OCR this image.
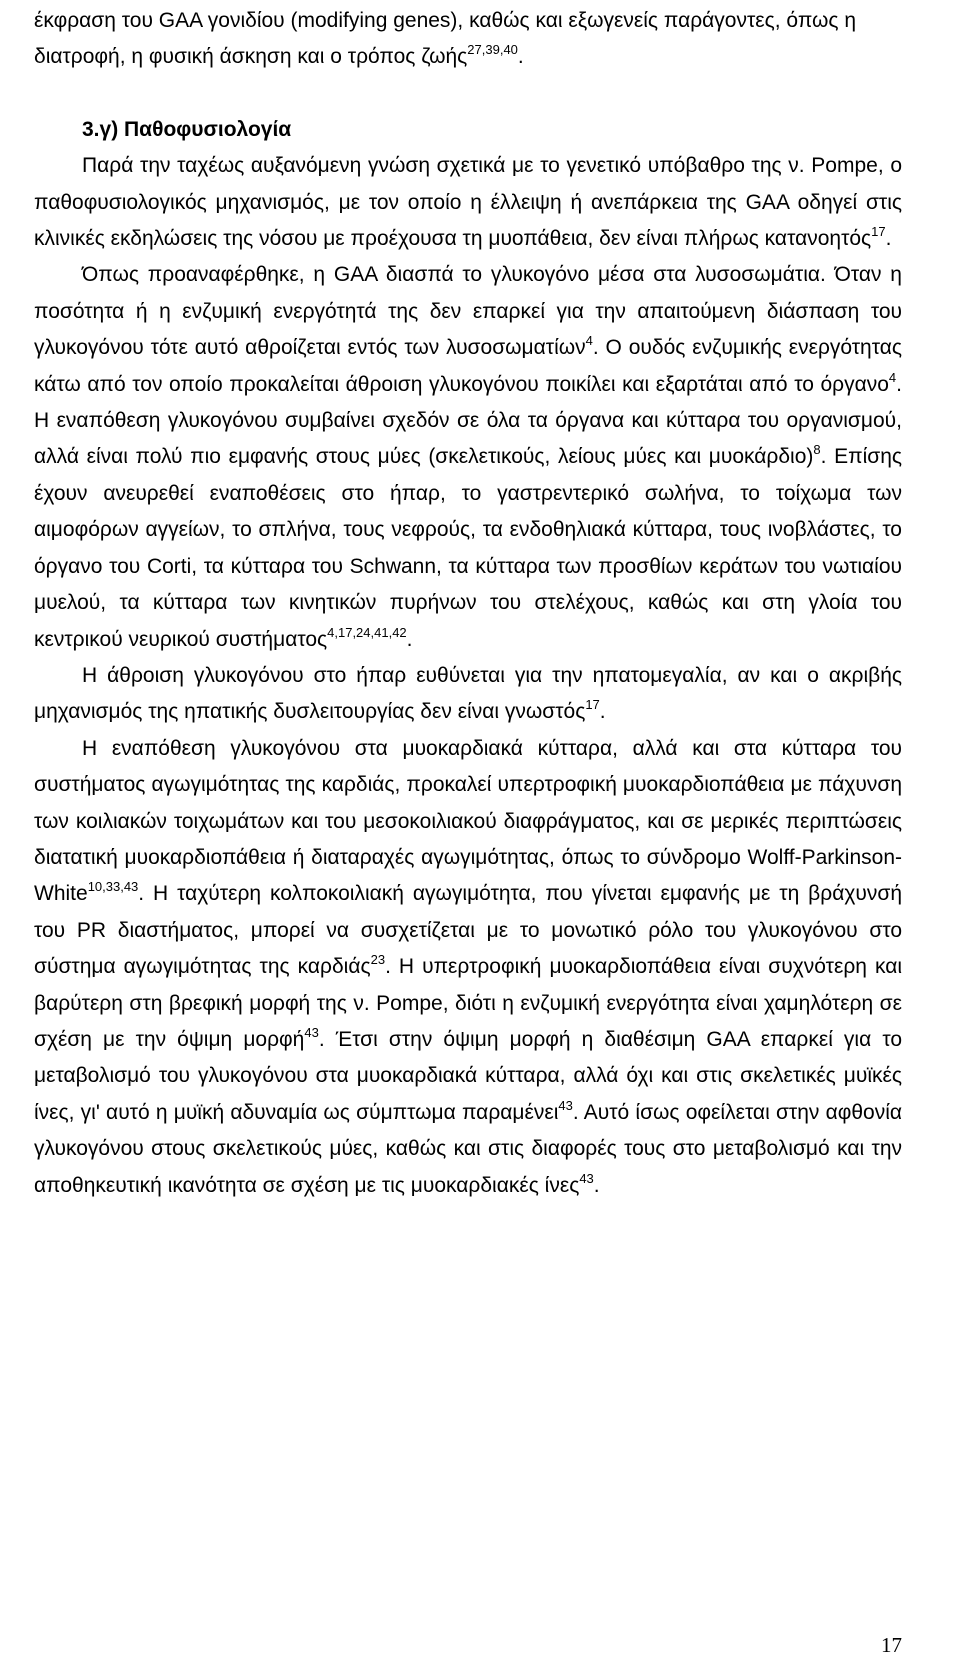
έκφραση του GAA γονιδίου (modifying genes), καθώς και εξωγενείς παράγοντες, όπως η διατροφή, η φυσική άσκηση και ο τρόπος ζωής$^{27,39,40}$.

3.γ) Παθοφυσιολογία

Παρά την ταχέως αυξανόμενη γνώση σχετικά με το γενετικό υπόβαθρο της ν. Pompe, ο παθοφυσιολογικός μηχανισμός, με τον οποίο η έλλειψη ή ανεπάρκεια της GAA οδηγεί στις κλινικές εκδηλώσεις της νόσου με προέχουσα τη μυοπάθεια, δεν είναι πλήρως κατανοητός$^{17}$.

Όπως προαναφέρθηκε, η GAA διασπά το γλυκογόνο μέσα στα λυσοσωμάτια. Όταν η ποσότητα ή η ενζυμική ενεργότητά της δεν επαρκεί για την απαιτούμενη διάσπαση του γλυκογόνου τότε αυτό αθροίζεται εντός των λυσοσωματίων$^4$. Ο ουδός ενζυμικής ενεργότητας κάτω από τον οποίο προκαλείται άθροιση γλυκογόνου ποικίλει και εξαρτάται από το όργανο$^4$. Η εναπόθεση γλυκογόνου συμβαίνει σχεδόν σε όλα τα όργανα και κύτταρα του οργανισμού, αλλά είναι πολύ πιο εμφανής στους μύες (σκελετικούς, λείους μύες και μυοκάρδιο)$^8$. Επίσης έχουν ανευρεθεί εναποθέσεις στο ήπαρ, το γαστρεντερικό σωλήνα, το τοίχωμα των αιμοφόρων αγγείων, το σπλήνα, τους νεφρούς, τα ενδοθηλιακά κύτταρα, τους ινοβλάστες, το όργανο του Corti, τα κύτταρα του Schwann, τα κύτταρα των προσθίων κεράτων του νωτιαίου μυελού, τα κύτταρα των κινητικών πυρήνων του στελέχους, καθώς και στη γλοία του κεντρικού νευρικού συστήματος$^{4,17,24,41,42}$.

Η άθροιση γλυκογόνου στο ήπαρ ευθύνεται για την ηπατομεγαλία, αν και ο ακριβής μηχανισμός της ηπατικής δυσλειτουργίας δεν είναι γνωστός$^{17}$.

Η εναπόθεση γλυκογόνου στα μυοκαρδιακά κύτταρα, αλλά και στα κύτταρα του συστήματος αγωγιμότητας της καρδιάς, προκαλεί υπερτροφική μυοκαρδιοπάθεια με πάχυνση των κοιλιακών τοιχωμάτων και του μεσοκοιλιακού διαφράγματος, και σε μερικές περιπτώσεις διατατική μυοκαρδιοπάθεια ή διαταραχές αγωγιμότητας, όπως το σύνδρομο Wolff-Parkinson-White$^{10,33,43}$. Η ταχύτερη κολποκοιλιακή αγωγιμότητα, που γίνεται εμφανής με τη βράχυνσή του PR διαστήματος, μπορεί να συσχετίζεται με το μονωτικό ρόλο του γλυκογόνου στο σύστημα αγωγιμότητας της καρδιάς$^{23}$. Η υπερτροφική μυοκαρδιοπάθεια είναι συχνότερη και βαρύτερη στη βρεφική μορφή της ν. Pompe, διότι η ενζυμική ενεργότητα είναι χαμηλότερη σε σχέση με την όψιμη μορφή$^{43}$. Έτσι στην όψιμη μορφή η διαθέσιμη GAA επαρκεί για το μεταβολισμό του γλυκογόνου στα μυοκαρδιακά κύτταρα, αλλά όχι και στις σκελετικές μυϊκές ίνες, γι' αυτό η μυϊκή αδυναμία ως σύμπτωμα παραμένει$^{43}$. Αυτό ίσως οφείλεται στην αφθονία γλυκογόνου στους σκελετικούς μύες, καθώς και στις διαφορές τους στο μεταβολισμό και την αποθηκευτική ικανότητα σε σχέση με τις μυοκαρδιακές ίνες$^{43}$.

17
